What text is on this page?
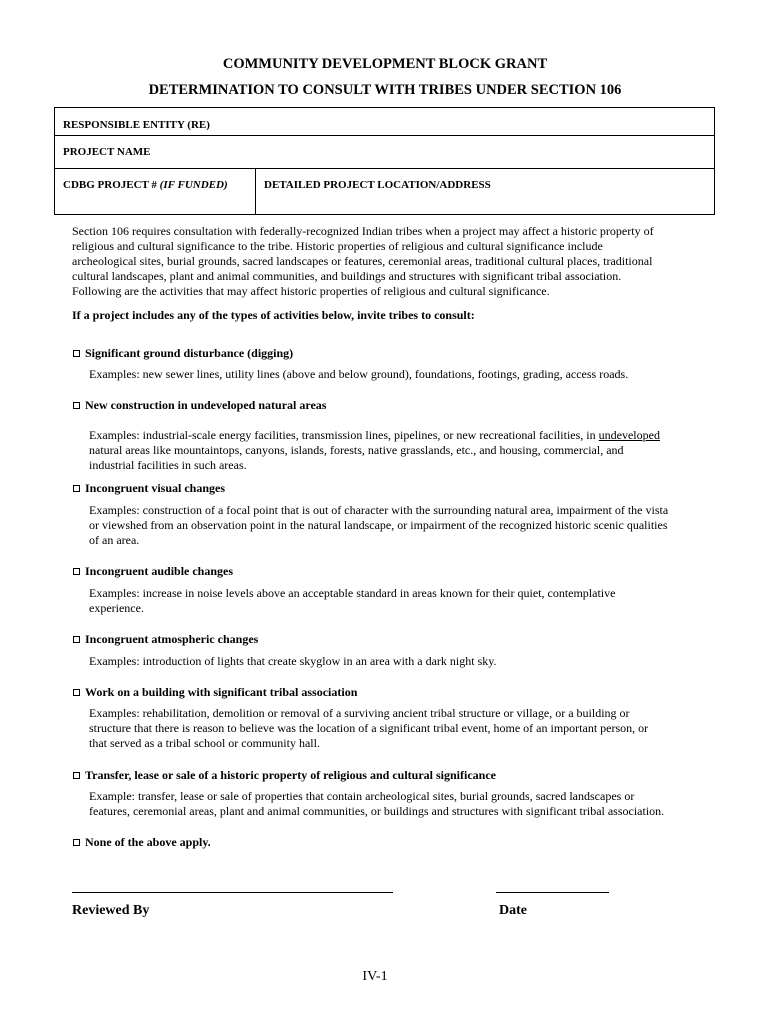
COMMUNITY DEVELOPMENT BLOCK GRANT
DETERMINATION TO CONSULT WITH TRIBES UNDER SECTION 106
RESPONSIBLE ENTITY (RE)
PROJECT NAME
CDBG PROJECT # (IF FUNDED)	DETAILED PROJECT LOCATION/ADDRESS
Section 106 requires consultation with federally-recognized Indian tribes when a project may affect a historic property of
religious and cultural significance to the tribe. Historic properties of religious and cultural significance include
archeological sites, burial grounds, sacred landscapes or features, ceremonial areas, traditional cultural places, traditional
cultural landscapes, plant and animal communities, and buildings and structures with significant tribal association.
Following are the activities that may affect historic properties of religious and cultural significance.
If a project includes any of the types of activities below, invite tribes to consult:
Significant ground disturbance (digging)
Examples: new sewer lines, utility lines (above and below ground), foundations, footings, grading, access roads.
New construction in undeveloped natural areas
Examples: industrial-scale energy facilities, transmission lines, pipelines, or new recreational facilities, in undeveloped
natural areas like mountaintops, canyons, islands, forests, native grasslands, etc., and housing, commercial, and
industrial facilities in such areas.
Incongruent visual changes
Examples: construction of a focal point that is out of character with the surrounding natural area, impairment of the vista
or viewshed from an observation point in the natural landscape, or impairment of the recognized historic scenic qualities
of an area.
Incongruent audible changes
Examples: increase in noise levels above an acceptable standard in areas known for their quiet, contemplative
experience.
Incongruent atmospheric changes
Examples: introduction of lights that create skyglow in an area with a dark night sky.
Work on a building with significant tribal association
Examples: rehabilitation, demolition or removal of a surviving ancient tribal structure or village, or a building or
structure that there is reason to believe was the location of a significant tribal event, home of an important person, or
that served as a tribal school or community hall.
Transfer, lease or sale of a historic property of religious and cultural significance
Example: transfer, lease or sale of properties that contain archeological sites, burial grounds, sacred landscapes or
features, ceremonial areas, plant and animal communities, or buildings and structures with significant tribal association.
None of the above apply.
Reviewed By	Date
IV-1
